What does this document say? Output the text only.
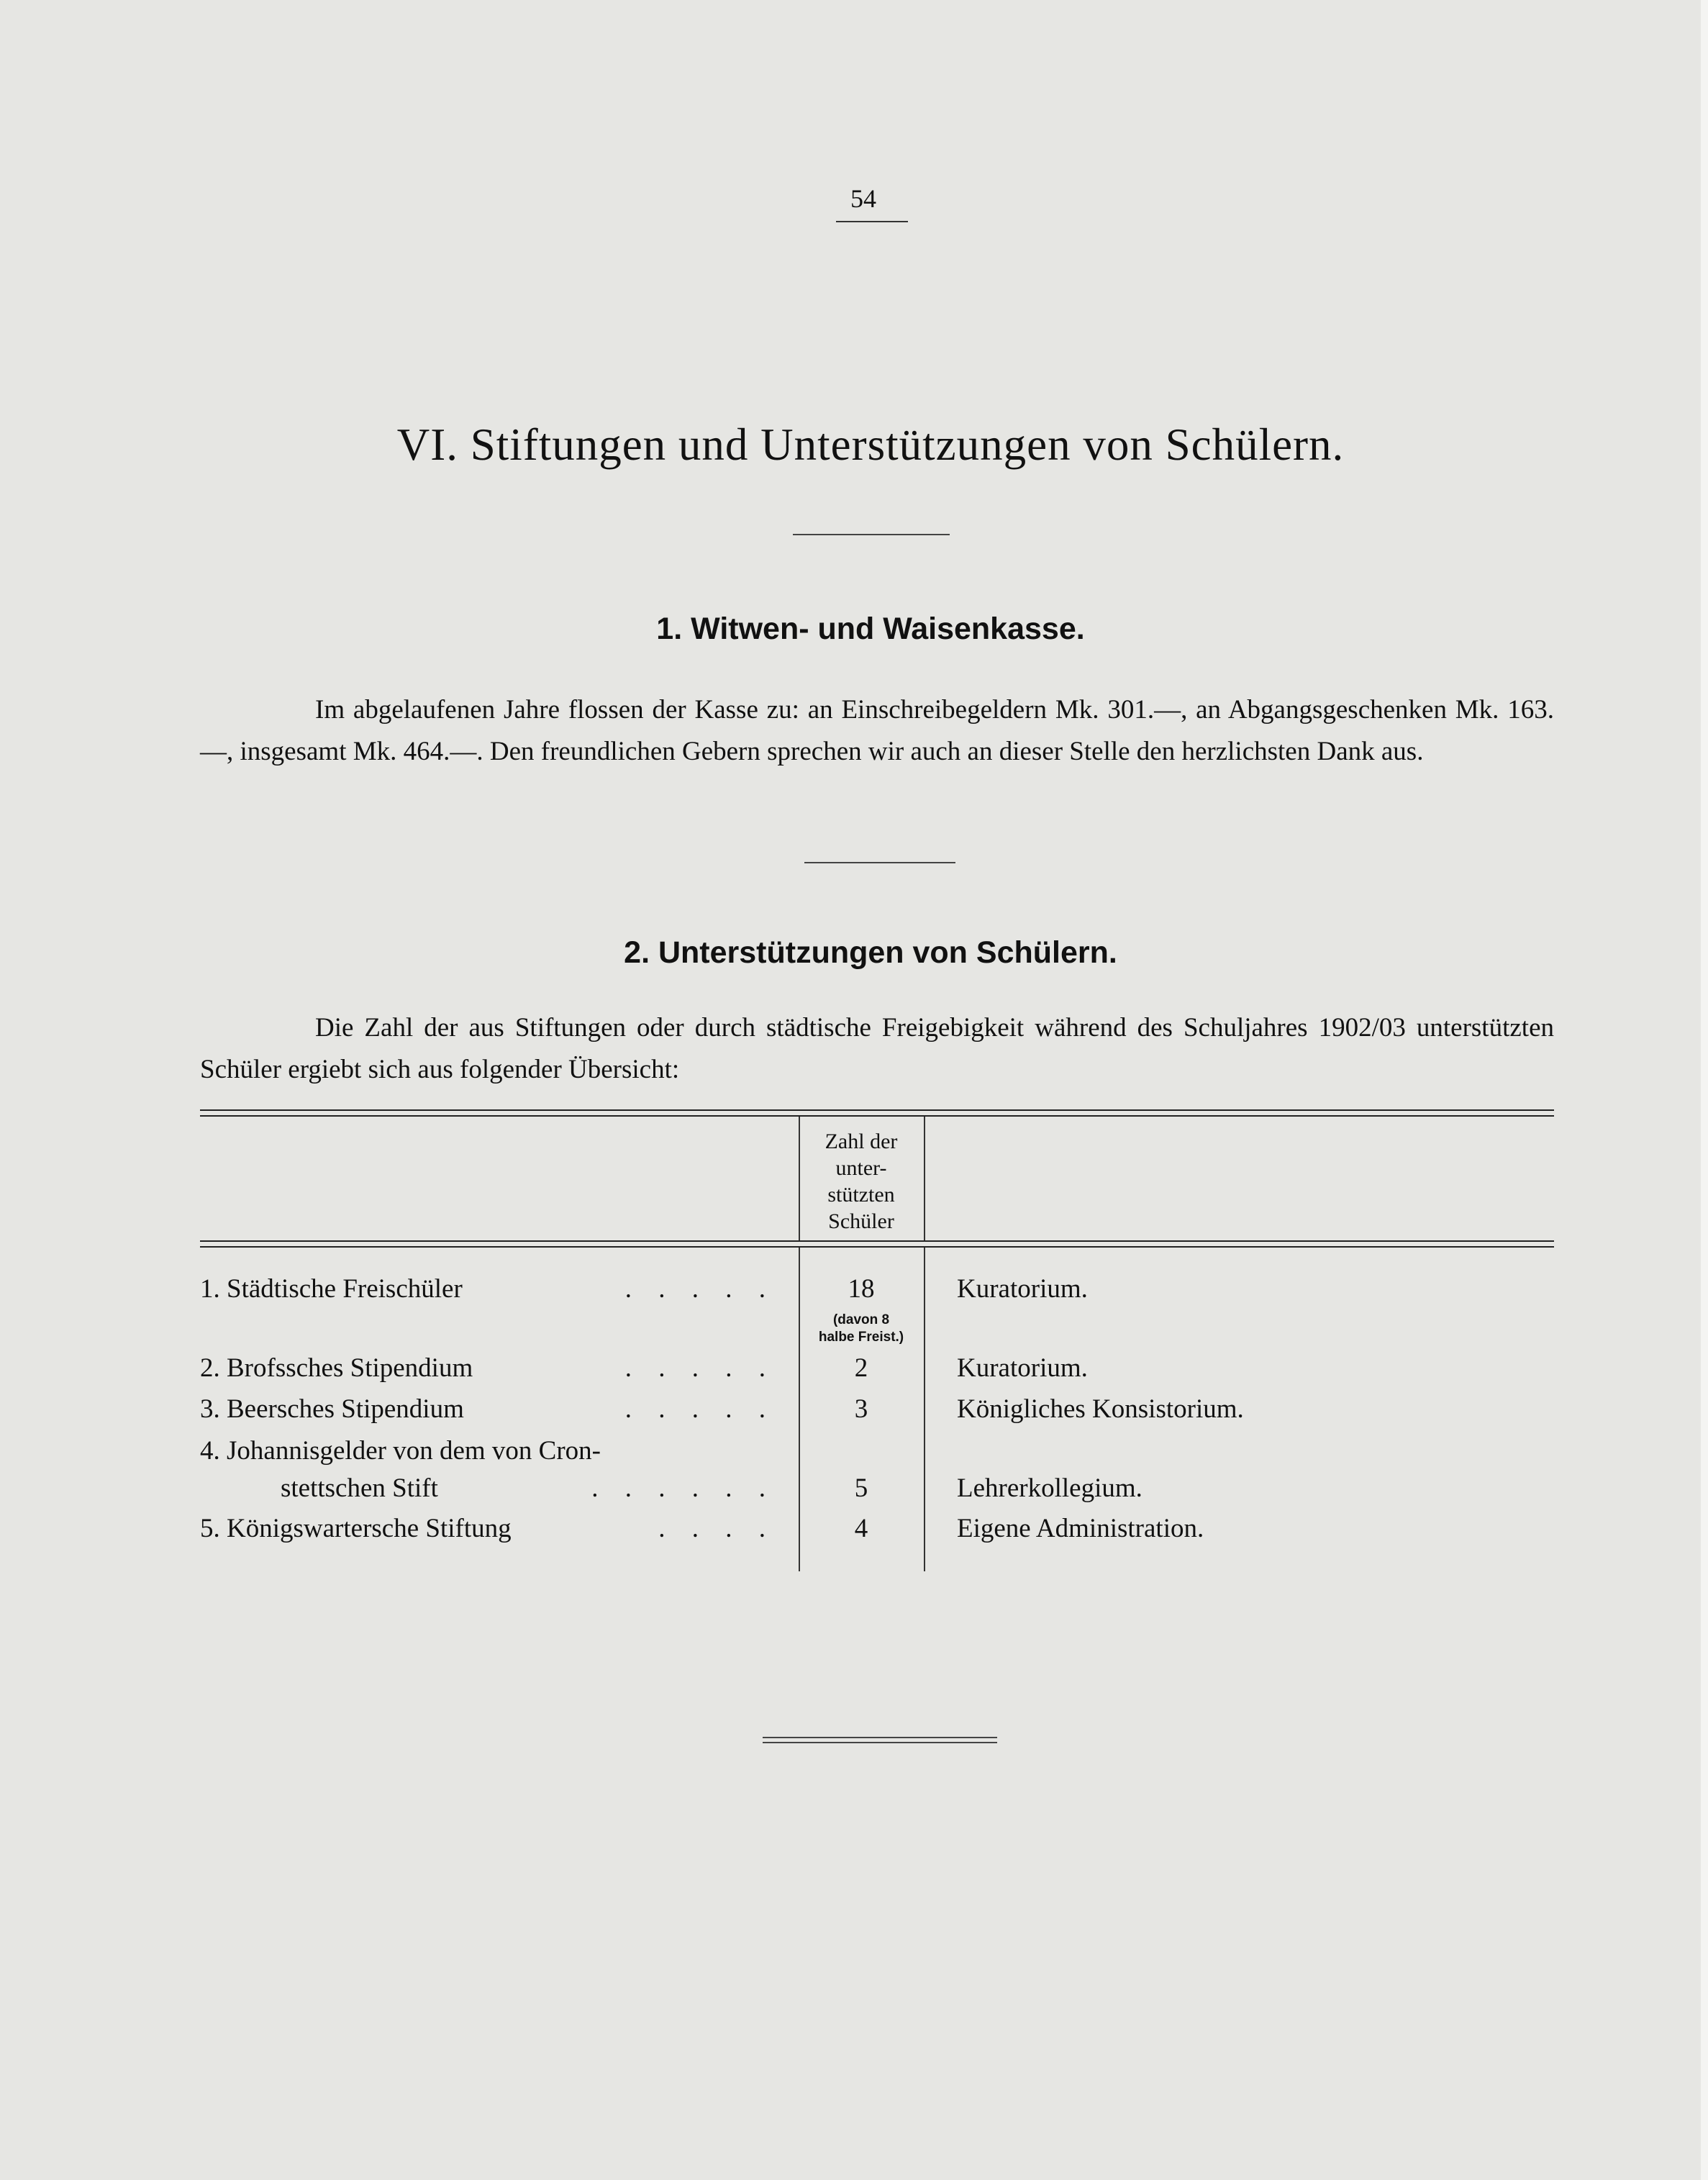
54
VI. Stiftungen und Unterstützungen von Schülern.
1. Witwen- und Waisenkasse.

Im abgelaufenen Jahre flossen der Kasse zu: an Einschreibegeldern Mk. 301.—, an Abgangsgeschenken Mk. 163.—, insgesamt Mk. 464.—. Den freundlichen Gebern sprechen wir auch an dieser Stelle den herzlichsten Dank aus.

2. Unterstützungen von Schülern.

Die Zahl der aus Stiftungen oder durch städtische Freigebigkeit während des Schuljahres 1902/03 unterstützten Schüler ergiebt sich aus folgender Übersicht:

Zahl der
unter-
stützten
Schüler
1. Städtische Freischüler	. . . . .	18	Kuratorium.
(davon 8
halbe Freist.)
2. Brofssches Stipendium	. . . . .	2	Kuratorium.
3. Beersches Stipendium	. . . . .	3	Königliches Konsistorium.
4. Johannisgelder von dem von Cron-
stettschen Stift	. . . . . .	5	Lehrerkollegium.
5. Königswartersche Stiftung	. . . .	4	Eigene Administration.
